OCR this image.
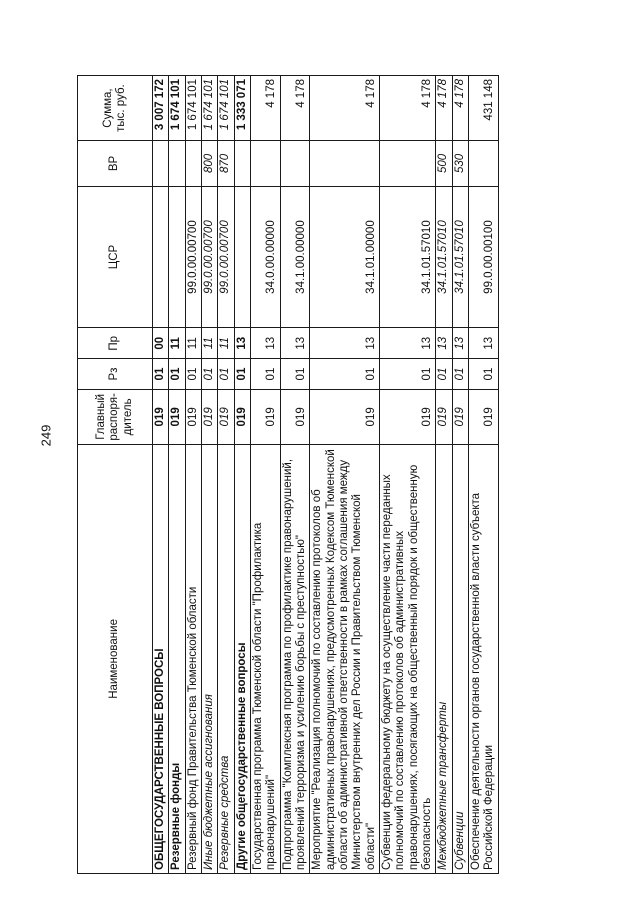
249
Наименование	Главный распоря-дитель	Рз	Пр	ЦСР	ВР	Сумма, тыс. руб.
ОБЩЕГОСУДАРСТВЕННЫЕ ВОПРОСЫ	019	01	00			3 007 172
Резервные фонды	019	01	11			1 674 101
Резервный фонд Правительства Тюменской области	019	01	11	99.0.00.00700		1 674 101
Иные бюджетные ассигнования	019	01	11	99.0.00.00700	800	1 674 101
Резервные средства	019	01	11	99.0.00.00700	870	1 674 101
Другие общегосударственные вопросы	019	01	13			1 333 071
Государственная программа Тюменской области "Профилактика правонарушений"	019	01	13	34.0.00.00000		4 178
Подпрограмма "Комплексная программа по профилактике правонарушений, проявлений терроризма и усилению борьбы с преступностью"	019	01	13	34.1.00.00000		4 178
Мероприятие "Реализация полномочий по составлению протоколов об административных правонарушениях, предусмотренных Кодексом Тюменской области об административной ответственности в рамках соглашения между Министерством внутренних дел России и Правительством Тюменской области"	019	01	13	34.1.01.00000		4 178
Субвенции федеральному бюджету на осуществление части переданных полномочий по составлению протоколов об административных правонарушениях, посягающих на общественный порядок и общественную безопасность	019	01	13	34.1.01.57010		4 178
Межбюджетные трансферты	019	01	13	34.1.01.57010	500	4 178
Субвенции	019	01	13	34.1.01.57010	530	4 178
Обеспечение деятельности органов государственной власти субъекта Российской Федерации	019	01	13	99.0.00.00100		431 148
